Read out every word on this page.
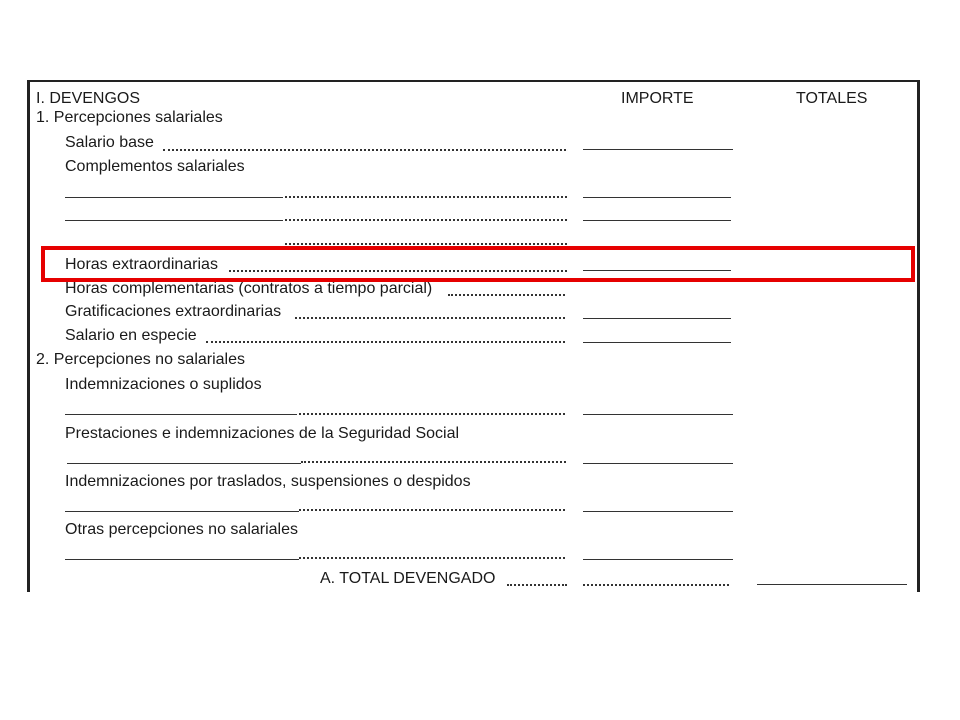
I. DEVENGOS	IMPORTE	TOTALES
1. Percepciones salariales
Salario base
Complementos salariales
Horas extraordinarias
Horas complementarias (contratos a tiempo parcial)
Gratificaciones extraordinarias
Salario en especie
2. Percepciones no salariales
Indemnizaciones o suplidos
Prestaciones e indemnizaciones de la Seguridad Social
Indemnizaciones por traslados, suspensiones o despidos
Otras percepciones no salariales
A. TOTAL DEVENGADO
